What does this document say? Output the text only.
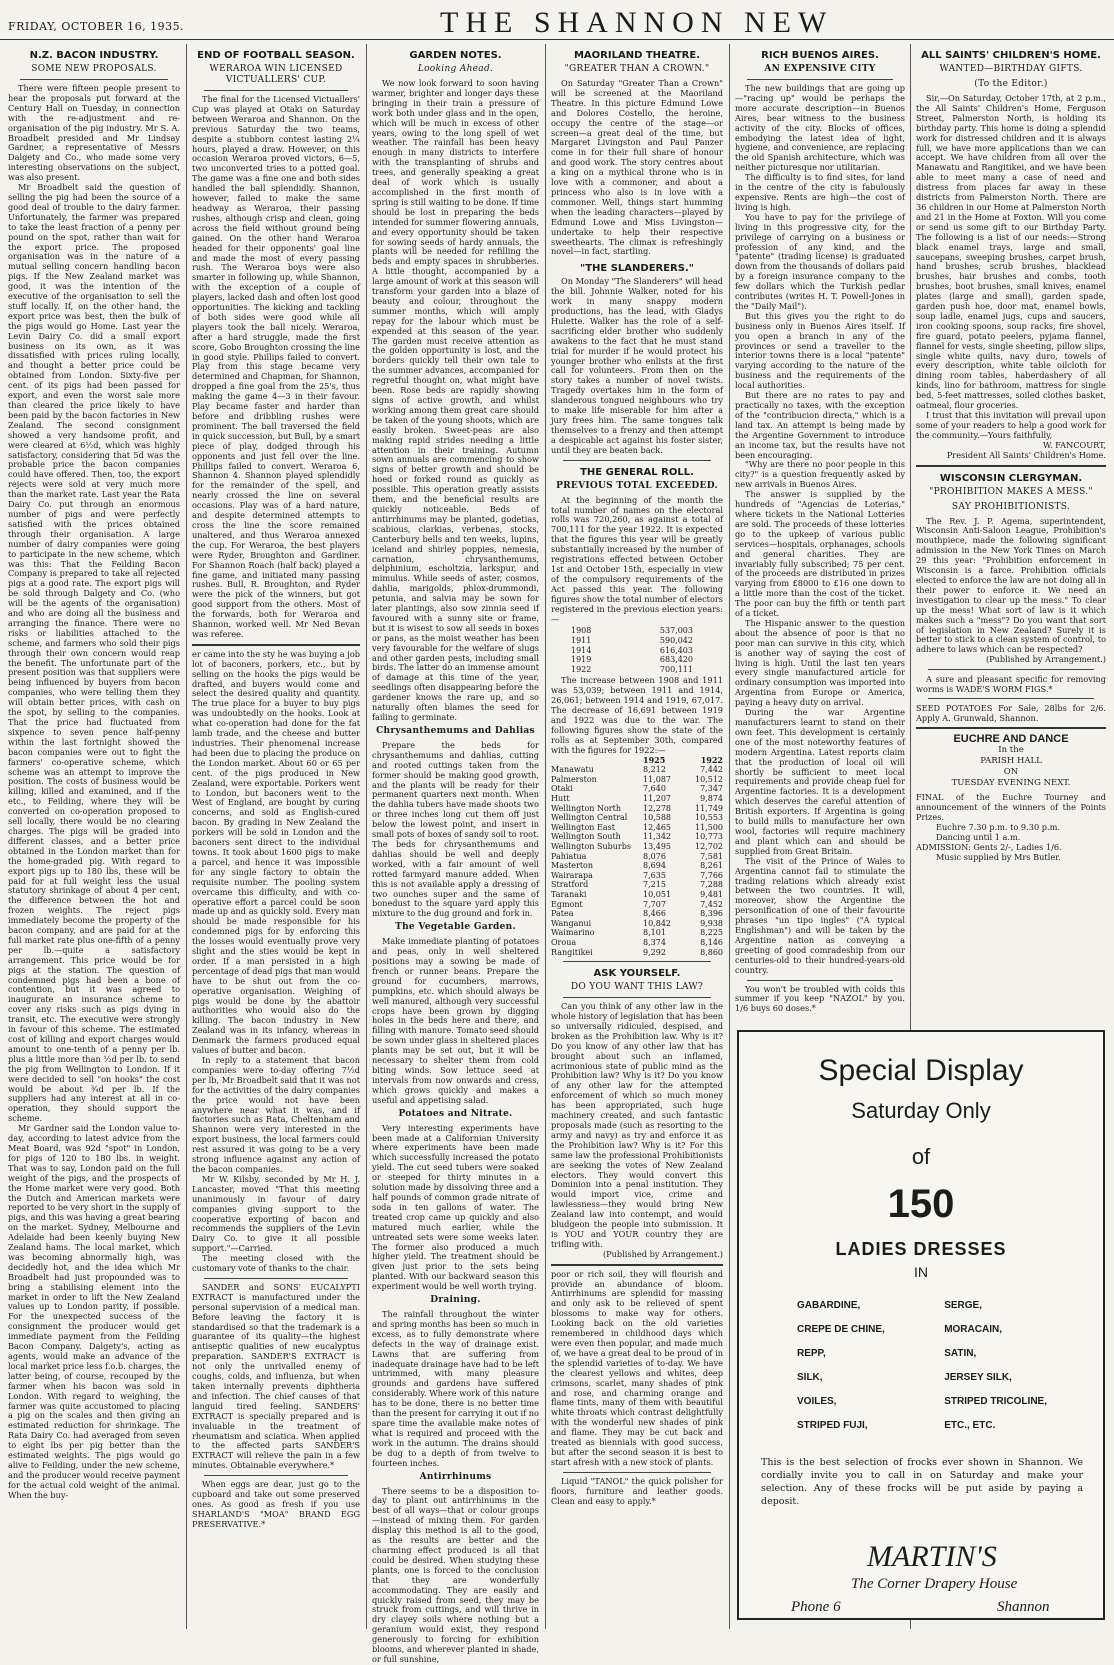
FRIDAY, OCTOBER 16, 1935.	THE SHANNON NEW
N.Z. BACON INDUSTRY.
SOME NEW PROPOSALS.

There were fifteen people present to hear the proposals put forward at the Century Hall on Tuesday, in connection with the re-adjustment and re-organisation of the pig industry. Mr S. A. Broadbelt presided and Mr Lindsay Gardner, a representative of Messrs Dalgety and Co., who made some very interesting observations on the subject, was also present.

Mr Broadbelt said the question of selling the pig had been the source of a good deal of trouble to the dairy farmer. Unfortunately, the farmer was prepared to take the least fraction of a penny per pound on the spot, rather than wait for the export price. The proposed organisation was in the nature of a mutual selling concern handling bacon pigs. If the New Zealand market was good, it was the intention of the executive of the organisation to sell the stuff locally. If, on the other hand, the export price was best, then the bulk of the pigs would go Home. Last year the Levin Dairy Co. did a small export business on its own, as it was dissatisfied with prices ruling locally, and thought a better price could be obtained from London. Sixty-five per cent. of its pigs had been passed for export, and even the worst sale more than cleared the price likely to have been paid by the bacon factories in New Zealand. The second consignment showed a very handsome profit, and were cleared at 6½d, which was highly satisfactory, considering that 5d was the probable price the bacon companies could have offered. Then, too, the export rejects were sold at very much more than the market rate. Last year the Rata Dairy Co. put through an enormous number of pigs and were perfectly satisfied with the prices obtained through their organisation. A large number of dairy companies were going to participate in the new scheme, which was this: That the Feilding Bacon Company is prepared to take all rejected pigs at a good rate. The export pigs will be sold through Dalgety and Co. (who will be the agents of the organisation) and who are doing all the business and arranging the finance. There were no risks or liabilities attached to the scheme, and farmers who sold their pigs through their own concern would reap the benefit. The unfortunate part of the present position was that suppliers were being influenced by buyers from bacon companies, who were telling them they will obtain better prices, with cash on the spot, by selling to the companies. That the price had fluctuated from sixpence to seven pence half-penny within the last fortnight showed the bacon companies were out to fight the farmers' co-operative scheme, which scheme was an attempt to improve the position. The costs of business would be killing, killed and examined, and if the etc., to Feilding, where they will be converted on co-operation proposed to sell locally, there would be no clearing charges. The pigs will be graded into different classes, and a better price obtained in the London market than for the home-graded pig. With regard to export pigs up to 180 lbs, these will be paid for at full weight less the usual statutory shrinkage of about 4 per cent, the difference between the hot and frozen weights. The reject pigs immediately become the property of the bacon company, and are paid for at the full market rate plus one-fifth of a penny per lb.—quite a satisfactory arrangement. This price would be for pigs at the station. The question of condemned pigs had been a bone of contention, but it was agreed to inaugurate an insurance scheme to cover any risks such as pigs dying in transit, etc. The executive were strongly in favour of this scheme. The estimated cost of killing and export charges would amount to one-tenth of a penny per lb. plus a little more than ½d per lb. to send the pig from Wellington to London. If it were decided to sell "on hooks" the cost would be about ¾d per lb. If the suppliers had any interest at all in co-operation, they should support the scheme.

Mr Gardner said the London value to-day, according to latest advice from the Meat Board, was 92d "spot" in London, for pigs of 120 to 180 lbs. in weight. That was to say, London paid on the full weight of the pigs, and the prospects of the Home market were very good. Both the Dutch and American markets were reported to be very short in the supply of pigs, and this was having a great bearing on the market. Sydney, Melbourne and Adelaide had been keenly buying New Zealand hams. The local market, which was becoming abnormally high, was decidedly hot, and the idea which Mr Broadbelt had just propounded was to bring a stabilising element into the market in order to lift the New Zealand values up to London parity, if possible. For the unexpected success of the consignment the producer would get immediate payment from the Feilding Bacon Company. Dalgety's, acting as agents, would make an advance of the local market price less f.o.b. charges, the latter being, of course, recouped by the farmer when his bacon was sold in London. With regard to weighing, the farmer was quite accustomed to placing a pig on the scales and then giving an estimated reduction for shrinkage. The Rata Dairy Co. had averaged from seven to eight lbs per pig better than the estimated weights. The pigs would go alive to Feilding, under the new scheme, and the producer would receive payment for the actual cold weight of the animal. When the buy-

END OF FOOTBALL SEASON.
WERAROA WIN LICENSED VICTUALLERS' CUP.

The final for the Licensed Victuallers' Cup was played at Otaki on Saturday between Weraroa and Shannon. On the previous Saturday the two teams, despite a stubborn contest lasting 2¼ hours, played a draw. However, on this occasion Weraroa proved victors, 6—5, two unconverted tries to a potted goal. The game was a fine one and both sides handled the ball splendidly. Shannon, however, failed to make the same headway as Weraroa, their passing rushes, although crisp and clean, going across the field without ground being gained. On the other hand Weraroa headed for their opponents' goal line and made the most of every passing rush. The Weraroa boys were also smarter in following up, while Shannon, with the exception of a couple of players, lacked dash and often lost good opportunities. The kicking and tackling of both sides were good while all players took the ball nicely. Weraroa, after a hard struggle, made the first score, Gobo Broughton crossing the line in good style. Phillips failed to convert. Play from this stage became very determined and Chapman, for Shannon, dropped a fine goal from the 25's, thus making the game 4—3 in their favour. Play became faster and harder than before and dribbling rushes were prominent. The ball traversed the field in quick succession, but Bull, by a smart piece of play, dodged through his opponents and just fell over the line. Phillips failed to convert. Weraroa 6, Shannon 4. Shannon played splendidly for the remainder of the spell, and nearly crossed the line on several occasions. Play was of a hard nature, and despite determined attempts to cross the line the score remained unaltered, and thus Weraroa annexed the cup. For Weraroa, the best players were Ryder, Broughton and Gardiner. For Shannon Roach (half back) played a fine game, and initiated many passing rushes. Bull, R. Broughton, and Ryder were the pick of the winners, but got good support from the others. Most of the forwards, both for Weraroa and Shannon, worked well. Mr Ned Bevan was referee.

er came into the sty he was buying a job lot of baconers, porkers, etc., but by selling on the hooks the pigs would be drafted, and buyers would come and select the desired quality and quantity. The true place for a buyer to buy pigs was undoubtedly on the hooks. Look at what co-operation had done for the fat lamb trade, and the cheese and butter industries. Their phenomenal increase had been due to placing the produce on the London market. About 60 or 65 per cent. of the pigs produced in New Zealand, were exportable. Porkers went to London, but baconers went to the West of England, are bought by curing concerns, and sold as English-cured bacon. By grading in New Zealand the porkers will be sold in London and the baconers sent direct to the individual towns. It took about 1600 pigs to make a parcel, and hence it was impossible for any single factory to obtain the requisite number. The pooling system overcame this difficulty, and with co-operative effort a parcel could be soon made up and as quickly sold. Every man should be made responsible for his condemned pigs for by enforcing this the losses would eventually prove very slight and the sties would be kept in order. If a man persisted in a high percentage of dead pigs that man would have to be shut out from the co-operative organisation. Weighing of pigs would be done by the abattoir authorities who would also do the killing. The bacon industry in New Zealand was in its infancy, whereas in Denmark the farmers produced equal values of butter and bacon.

In reply to a statement that bacon companies were to-day offering 7½d per lb, Mr Broadbelt said that it was not for the activities of the dairy companies the price would not have been anywhere near what it was, and if factories such as Rata, Cheltenham and Shannon were very interested in the export business, the local farmers could rest assured it was going to be a very strong influence against any action of the bacon companies.

Mr W. Kilsby, seconded by Mr H. J. Lancaster, moved "That this meeting unanimously in favour of dairy companies giving support to the cooperative exporting of bacon and recommends the suppliers of the Levin Dairy Co. to give it all possible support."—Carried.

The meeting closed with the customary vote of thanks to the chair.

SANDER and SONS' EUCALYPTI EXTRACT is manufactured under the personal supervision of a medical man. Before leaving the factory it is standardised so that the trademark is a guarantee of its quality—the highest antiseptic qualities of new eucalyptus preparation. SANDER'S EXTRACT is not only the unrivalled enemy of coughs, colds, and influenza, but when taken internally prevents diphtheria and infection. The chief causes of that languid tired feeling. SANDERS' EXTRACT is specially prepared and is invaluable in the treatment of rheumatism and sciatica. When applied to the affected parts SANDER'S EXTRACT will relieve the pain in a few minutes. Obtainable everywhere.*

When eggs are dear, just go to the cupboard and take out some preserved ones. As good as fresh if you use SHARLAND'S "MOA" BRAND EGG PRESERVATIVE.*

GARDEN NOTES.
Looking Ahead.

We now look forward to soon having warmer, brighter and longer days these bringing in their train a pressure of work both under glass and in the open, which will be much in excess of other years, owing to the long spell of wet weather. The rainfall has been heavy enough in many districts to interfere with the transplanting of shrubs and trees, and generally speaking a great deal of work which is usually accomplished in the first month of spring is still waiting to be done. If time should be lost in preparing the beds intended for summer flowering annuals, and every opportunity should be taken for sowing seeds of hardy annuals, the plants will be needed for refilling the beds and empty spaces in shrubberies. A little thought, accompanied by a large amount of work at this season will transform your garden into a blaze of beauty and colour, throughout the summer months, which will amply repay for the labour which must be expended at this season of the year. The garden must receive attention as the golden opportunity is lost, and the borders quickly tell their own tale to the summer advances, accompanied for regretful thought on, what might have been. Rose beds are rapidly showing signs of active growth, and whilst working among them great care should be taken of the young shoots, which are easily broken. Sweet-peas are also making rapid strides needing a little attention in their training. Autumn sown annuals are commencing to show signs of better growth and should be hoed or forked round as quickly as possible. This operation greatly assists them, and the beneficial results are quickly noticeable. Beds of antirrhinums may be planted, godetias, scabious, clarkias, verbenas, stocks, Canterbury bells and ten weeks, lupins, iceland and shirley poppies, nemesia, carnation, chrysanthemums, delphinium, escholtzia, larkspur, and mimulus. While seeds of aster, cosmos, dahlia, marigolds, phlox-drummondi, petunia, and salvia may be sown for later plantings, also sow zinnia seed if favoured with a sunny site or frame, but it is wisest to sow all seeds in boxes or pans, as the moist weather has been very favourable for the welfare of slugs and other garden pests, including small birds. The latter do an immense amount of damage at this time of the year, seedlings often disappearing before the gardener knows the rare up, and so naturally often blames the seed for failing to germinate.

Chrysanthemums and Dahlias

Prepare the beds for chrysanthemums and dahlias, cutting and rooted cuttings taken from the former should be making good growth, and the plants will be ready for their permanent quarters next month. When the dahlia tubers have made shoots two or three inches long cut them off just below the lowest point, and insert in small pots of boxes of sandy soil to root. The beds for chrysanthemums and dahlias should be well and deeply worked, with a fair amount of well rotted farmyard manure added. When this is not available apply a dressing of two ounches super and the same of bonedust to the square yard apply this mixture to the dug ground and fork in.

The Vegetable Garden.

Make immediate planting of potatoes and peas, only in well sheltered positions may a sowing be made of french or runner beans. Prepare the ground for cucumbers, marrows, pumpkins, etc. which should always be well manured, although very successful crops have been grown by digging holes in the beds here and there, and filling with manure. Tomato seed should be sown under glass in sheltered places plants may be set out, but it will be necessary to shelter them from cold biting winds. Sow lettuce seed at intervals from now onwards and cress, which grows quickly and makes a useful and appetising salad.

Potatoes and Nitrate.

Very interesting experiments have been made at a Californian University where experiments have been made which successfully increased the potato yield. The cut seed tubers were soaked or steeped for thirty minutes in a solution made by dissolving three and a half pounds of common grade nitrate of soda in ten gallons of water. The treated crop came up quickly and also matured much earlier, while the untreated sets were some weeks later. The former also produced a much higher yield. The treatment should be given just prior to the sets being planted. With our backward season this experiment would be well worth trying.

Draining.

The rainfall throughout the winter and spring months has been so much in excess, as to fully demonstrate where defects in the way of drainage exist. Lawns that are suffering from inadequate drainage have had to be left untrimmed, with many pleasure grounds and gardens have suffered considerably. Where work of this nature has to be done, there is no better time than the present for carrying it out if no spare time the available make notes of what is required and proceed with the work in the autumn. The drains should be dug to a depth of from twelve to fourteen inches.

Antirrhinums

There seems to be a disposition to-day to plant out antirrhinums in the best of all ways—that or colour groups—instead of mixing them. For garden display this method is all to the good, as the results are better and the charming effect produced is all that could be desired. When studying these plants, one is forced to the conclusion that they are wonderfully accommodating. They are easily and quickly raised from seed, they may be struck from cuttings, and will thrive in dry clayey soils where nothing but a geranium would exist, they respond generously to forcing for exhibition blooms, and wherever planted in shade, or full sunshine,

MAORILAND THEATRE.
"GREATER THAN A CROWN."

On Saturday "Greater Than a Crown" will be screened at the Maoriland Theatre. In this picture Edmund Lowe and Dolores Costello, the heroine, occupy the centre of the stage—or screen—a great deal of the time, but Margaret Livingston and Paul Panzer come in for their full share of honour and good work. The story centres about a king on a mythical throne who is in love with a commoner, and about a princess who also is in love with a commoner. Well, things start humming when the leading characters—played by Edmund Lowe and Miss Livingston—undertake to help their respective sweethearts. The climax is refreshingly novel—in fact, startling.

"THE SLANDERERS."

On Monday "The Slanderers" will head the bill. Johnnie Walker, noted for his work in many snappy modern productions, has the lead, with Gladys Hulette. Walker has the role of a self-sacrificing elder brother who suddenly awakens to the fact that he must stand trial for murder if he would protect his younger brother who enlists at the first call for volunteers. From then on the story takes a number of novel twists. Tragedy overtakes him in the form of slanderous tongued neighbours who try to make life miserable for him after a jury frees him. The same tongues talk themselves to a frenzy and then attempt a despicable act against his foster sister, until they are beaten back.

THE GENERAL ROLL.
PREVIOUS TOTAL EXCEEDED.

At the beginning of the month the total number of names on the electoral rolls was 720,260, as against a total of 700,111 for the year 1922. It is expected that the figures this year will be greatly substantially increased by the number of registrations effected between October 1st and October 15th, especially in view of the compulsory requirements of the Act passed this year. The following figures show the total number of electors registered in the previous election years:—

1908	537,003
1911	590,042
1914	616,403
1919	683,420
1922	700,111

The increase between 1908 and 1911 was 53,039; between 1911 and 1914, 26,061; between 1914 and 1919, 67,017. The decrease of 16,691 between 1919 and 1922 was due to the war. The following figures show the state of the rolls as at September 30th, compared with the figures for 1922:—

1925	1922
Manawatu	8,212	7,442
Palmerston	11,087	10,512
Otaki	7,640	7,347
Hutt	11,207	9,874
Wellington North	12,278	11,749
Wellington Central 10,588	10,553
Wellington East	12,465	11,500
Wellington South	11,342	10,773
Wellington Suburbs 13,495	12,702
Pahiatua	8,076	7,581
Masterton	8,694	8,261
Wairarapa	7,635	7,766
Stratford	7,215	7,288
Taranaki	10,051	9,481
Egmont	7,707	7,452
Patea	8,466	8,396
Wanganui	10,842	9,938
Waimarino	8,101	8,225
Oroua	8,374	8,146
Rangitikei	9,292	8,860
ASK YOURSELF.
DO YOU WANT THIS LAW?

Can you think of any other law in the whole history of legislation that has been so universally ridiculed, despised, and broken as the Prohibition law. Why is it? Do you know of any other law that has brought about such an inflamed, acrimonious state of public mind as the Prohibition law? Why is it? Do you know of any other law for the attempted enforcement of which so much money has been appropriated, such huge machinery created, and such fantastic proposals made (such as resorting to the army and navy) as try and enforce it as the Prohibition law? Why is it? For this same law the professional Prohibitionists are seeking the votes of New Zealand electors. They would convert this Dominion into a penal institution. They would import vice, crime and lawlessness—they would bring New Zealand law into contempt, and would bludgeon the people into submission. It is YOU and YOUR country they are trifling with.

(Published by Arrangement.)

poor or rich soil, they will flourish and provide an abundance of bloom. Antirrhinums are splendid for massing and only ask to be relieved of spent blossoms to make way for others. Looking back on the old varieties remembered in childhood days which were even then popular, and made much of, we have a great deal to be proud of in the splendid varieties of to-day. We have the clearest yellows and whites, deep crimsons, scarlet, many shades of pink and rose, and charming orange and flame tints, many of them with beautiful white throats which contrast delightfully with the wonderful new shades of pink and flame. They may be cut back and treated as biennials with good success, but after the second season it is best to start afresh with a new stock of plants.

Liquid "TANOL" the quick polisher for floors, furniture and leather goods. Clean and easy to apply.*

RICH BUENOS AIRES.
AN EXPENSIVE CITY

The new buildings that are going up—"racing up" would be perhaps the more accurate description—in Buenos Aires, bear witness to the business activity of the city. Blocks of offices, embodying the latest idea of light, hygiene, and convenience, are replacing the old Spanish architecture, which was neither picturesque nor utilitarian.

The difficulty is to find sites, for land in the centre of the city is fabulously expensive. Rents are high—the cost of living is high.

You have to pay for the privilege of living in this progressive city, for the privilege of carrying on a business or profession of any kind, and the "patente" (trading license) is graduated down from the thousands of dollars paid by a foreign insurance company to the few dollars which the Turkish pedlar contributes (writes H. T. Powell-Jones in the "Daily Mail").

But this gives you the right to do business only in Buenos Aires itself. If you open a branch in any of the provinces or send a traveller to the interior towns there is a local "patente" varying according to the nature of the business and the requirements of the local authorities.

But there are no rates to pay and practically no taxes, with the exception of the "contribucion directa," which is a land tax. An attempt is being made by the Argentine Government to introduce an income tax, but the results have not been encouraging.

"Why are there no poor people in this city?" is a question frequently asked by new arrivals in Buenos Aires.

The answer is supplied by the hundreds of "Agencias de Loterias," where tickets in the National Lotteries are sold. The proceeds of these lotteries go to the upkeep of various public services—hospitals, orphanages, schools and general charities. They are invariably fully subscribed; 75 per cent. of the proceeds are distributed in prizes varying from £8000 to £16 one down to a little more than the cost of the ticket. The poor can buy the fifth or tenth part of a ticket.

The Hispanic answer to the question about the absence of poor is that no poor man can survive in this city, which is another way of saying the cost of living is high. Until the last ten years every single manufactured article for ordinary consumption was imported into Argentina from Europe or America, paying a heavy duty on arrival.

During the war Argentine manufacturers learnt to stand on their own feet. This development is certainly one of the most noteworthy features of modern Argentina. Latest reports claim that the production of local oil will shortly be sufficient to meet local requirements and provide cheap fuel for Argentine factories. It is a development which deserves the careful attention of British exporters. If Argentina is going to build mills to manufacture her own wool, factories will require machinery and plant which can and should be supplied from Great Britain.

The visit of the Prince of Wales to Argentina cannot fail to stimulate the trading relations which already exist between the two countries. It will, moreover, show the Argentine the personification of one of their favourite phrases "un tipo ingles" ("A typical Englishman") and will be taken by the Argentine nation as conveying a greeting of good comradeship from our centuries-old to their hundred-years-old country.

You won't be troubled with colds this summer if you keep "NAZOL" by you. 1/6 buys 60 doses.*

ALL SAINTS' CHILDREN'S HOME.
WANTED—BIRTHDAY GIFTS.
(To the Editor.)

Sir,—On Saturday, October 17th, at 2 p.m., the All Saints' Children's Home, Ferguson Street, Palmerston North, is holding its birthday party. This home is doing a splendid work for distressed children and it is always full, we have more applications than we can accept. We have children from all over the Manawatu and Rangitikei, and we have been able to meet many a case of need and distress from places far away in these districts from Palmerston North. There are 36 children in our Home at Palmerston North and 21 in the Home at Foxton. Will you come or send us some gift to our Birthday Party. The following is a list of our needs:—Strong black enamel trays, large and small, saucepans, sweeping brushes, carpet brush, hand brushes, scrub brushes, blacklead brushes, hair brushes and combs, tooth brushes, boot brushes, small knives, enamel plates (large and small), garden spade, garden push hoe, door mat, enamel bowls, soup ladle, enamel jugs, cups and saucers, iron cooking spoons, soup racks, fire shovel, fire guard, potato peelers, pyjama flannel, flannel for vests, single sheeting, pillow slips, single white quilts, navy duro, towels of every description, white table oilcloth for dining room tables, haberdashery of all kinds, lino for bathroom, mattress for single bed, 5-feet mattresses, soiled clothes basket, oatmeal, flour groceries.

I trust that this invitation will prevail upon some of your readers to help a good work for the community.—Yours faithfully,

W. FANCOURT,

President All Saints' Children's Home.

WISCONSIN CLERGYMAN.
"PROHIBITION MAKES A MESS."
SAY PROHIBITIONISTS.

The Rev. J. P. Agema, superintendent, Wisconsin Anti-Saloon League, Prohibition's mouthpiece, made the following significant admission in the New York Times on March 29 this year: "Prohibition enforcement in Wisconsin is a farce. Prohibition officials elected to enforce the law are not doing all in their power to enforce it. We need an investigation to clear up the mess." To clear up the mess! What sort of law is it which makes such a "mess"? Do you want that sort of legislation in New Zealand? Surely it is better to stick to a clean system of control, to adhere to laws which can be respected?

(Published by Arrangement.)

A sure and pleasant specific for removing worms is WADE'S WORM FIGS.*

SEED POTATOES For Sale, 28lbs for 2/6. Apply A. Grunwald, Shannon.

EUCHRE AND DANCE
In the
PARISH HALL
ON
TUESDAY EVENING NEXT.

FINAL of the Euchre Tourney and announcement of the winners of the Points Prizes.

Euchre 7.30 p.m. to 9.30 p.m.

Dancing until 1 a.m.

ADMISSION: Gents 2/-, Ladies 1/6.

Music supplied by Mrs Butler.

Special Display
Saturday Only
of
150
LADIES DRESSES
IN
GABARDINE,
CREPE DE CHINE,
REPP,
SILK,
VOILES,
STRIPED FUJI,
SERGE,
MORACAIN,
SATIN,
JERSEY SILK,
STRIPED TRICOLINE,
ETC., ETC.

This is the best selection of frocks ever shown in Shannon. We cordially invite you to call in on Saturday and make your selection. Any of these frocks will be put aside by paying a deposit.

MARTIN'S
The Corner Drapery House
Phone 6	Shannon
